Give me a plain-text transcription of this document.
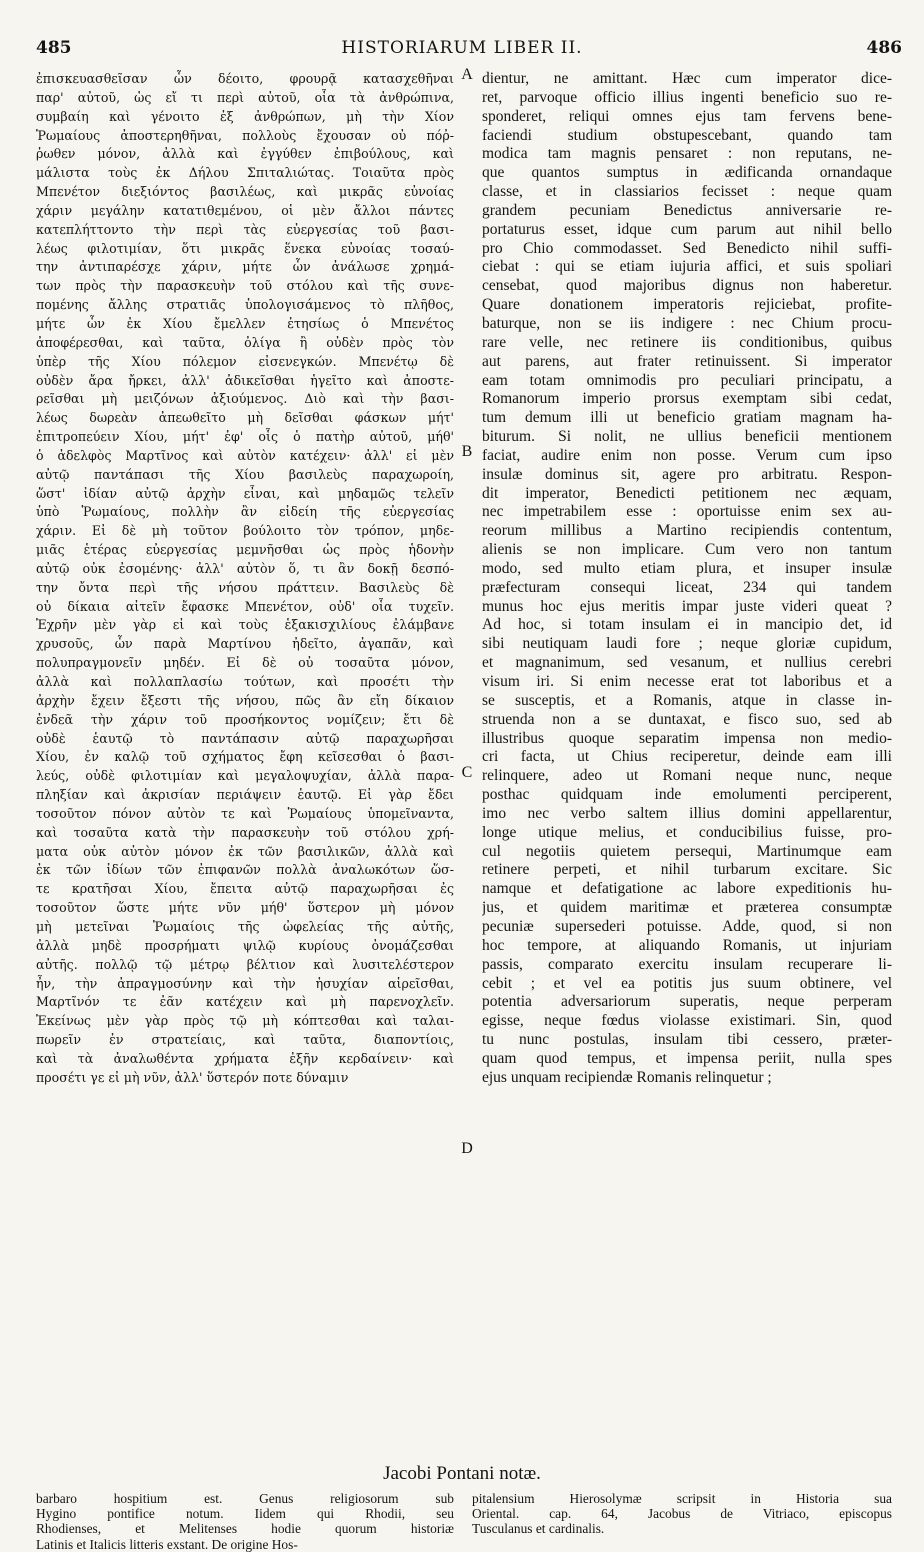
485	HISTORIARUM LIBER II.	486

ἐπισκευασθεῖσαν ὧν δέοιτο, φρουρᾷ κατασχεθῆναι

παρ' αὐτοῦ, ὡς εἴ τι περὶ αὐτοῦ, οἷα τὰ ἀνθρώπινα,

συμβαίη καὶ γένοιτο ἐξ ἀνθρώπων, μὴ τὴν Χίον

Ῥωμαίους ἀποστερηθῆναι, πολλοὺς ἔχουσαν οὐ πόῤ-

ῥωθεν μόνον, ἀλλὰ καὶ ἐγγύθεν ἐπιβούλους, καὶ

μάλιστα τοὺς ἐκ Δήλου Σπιταλιώτας. Τοιαῦτα πρὸς

Μπενέτον διεξιόντος βασιλέως, καὶ μικρᾶς εὐνοίας

χάριν μεγάλην κατατιθεμένου, οἱ μὲν ἄλλοι πάντες

κατεπλήττοντο τὴν περὶ τὰς εὐεργεσίας τοῦ βασι-

λέως φιλοτιμίαν, ὅτι μικρᾶς ἕνεκα εὐνοίας τοσαύ-

την ἀντιπαρέσχε χάριν, μήτε ὧν ἀνάλωσε χρημά-

των πρὸς τὴν παρασκευὴν τοῦ στόλου καὶ τῆς συνε-

πομένης ἄλλης στρατιᾶς ὑπολογισάμενος τὸ πλῆθος,

μήτε ὧν ἐκ Χίου ἔμελλεν ἐτησίως ὁ Μπενέτος

ἀποφέρεσθαι, καὶ ταῦτα, ὀλίγα ἢ οὐδὲν πρὸς τὸν

ὑπὲρ τῆς Χίου πόλεμον εἰσενεγκών. Μπενέτῳ δὲ

οὐδὲν ἄρα ἤρκει, ἀλλ' ἀδικεῖσθαι ἡγεῖτο καὶ ἀποστε-

ρεῖσθαι μὴ μειζόνων ἀξιούμενος. Διὸ καὶ τὴν βασι-

λέως δωρεὰν ἀπεωθεῖτο μὴ δεῖσθαι φάσκων μήτ'

ἐπιτροπεύειν Χίου, μήτ' ἐφ' οἷς ὁ πατὴρ αὐτοῦ, μήθ'

ὁ ἀδελφὸς Μαρτῖνος καὶ αὐτὸν κατέχειν· ἀλλ' εἰ μὲν

αὐτῷ παντάπασι τῆς Χίου βασιλεὺς παραχωροίη,

ὥστ' ἰδίαν αὐτῷ ἀρχὴν εἶναι, καὶ μηδαμῶς τελεῖν

ὑπὸ Ῥωμαίους, πολλὴν ἂν εἰδείη τῆς εὐεργεσίας

χάριν. Εἰ δὲ μὴ τοῦτον βούλοιτο τὸν τρόπον, μηδε-

μιᾶς ἑτέρας εὐεργεσίας μεμνῆσθαι ὡς πρὸς ἡδονὴν

αὐτῷ οὐκ ἐσομένης· ἀλλ' αὐτὸν ὅ, τι ἂν δοκῇ δεσπό-

την ὄντα περὶ τῆς νήσου πράττειν. Βασιλεὺς δὲ

οὐ δίκαια αἰτεῖν ἔφασκε Μπενέτον, οὐδ' οἷα τυχεῖν.

Ἐχρῆν μὲν γὰρ εἰ καὶ τοὺς ἑξακισχιλίους ἐλάμβανε

χρυσοῦς, ὧν παρὰ Μαρτίνου ἠδεῖτο, ἀγαπᾶν, καὶ

πολυπραγμονεῖν μηδέν. Εἰ δὲ οὐ τοσαῦτα μόνον,

ἀλλὰ καὶ πολλαπλασίω τούτων, καὶ προσέτι τὴν

ἀρχὴν ἔχειν ἔξεστι τῆς νήσου, πῶς ἂν εἴη δίκαιον

ἐνδεᾶ τὴν χάριν τοῦ προσήκοντος νομίζειν; ἔτι δὲ

οὐδὲ ἑαυτῷ τὸ παντάπασιν αὐτῷ παραχωρῆσαι

Χίου, ἐν καλῷ τοῦ σχήματος ἔφη κεῖσεσθαι ὁ βασι-

λεύς, οὐδὲ φιλοτιμίαν καὶ μεγαλοψυχίαν, ἀλλὰ παρα-

πληξίαν καὶ ἀκρισίαν περιάψειν ἑαυτῷ. Εἰ γὰρ ἔδει

τοσοῦτον πόνον αὐτὸν τε καὶ Ῥωμαίους ὑπομεῖναντα,

καὶ τοσαῦτα κατὰ τὴν παρασκευὴν τοῦ στόλου χρή-

ματα οὐκ αὐτὸν μόνον ἐκ τῶν βασιλικῶν, ἀλλὰ καὶ

ἐκ τῶν ἰδίων τῶν ἐπιφανῶν πολλὰ ἀναλωκότων ὥσ-

τε κρατῆσαι Χίου, ἔπειτα αὐτῷ παραχωρῆσαι ἐς

τοσοῦτον ὥστε μήτε νῦν μήθ' ὕστερον μὴ μόνον

μὴ μετεῖναι Ῥωμαίοις τῆς ὠφελείας τῆς αὐτῆς,

ἀλλὰ μηδὲ προσρήματι ψιλῷ κυρίους ὀνομάζεσθαι

αὐτῆς. πολλῷ τῷ μέτρῳ βέλτιον καὶ λυσιτελέστερον

ἦν, τὴν ἀπραγμοσύνην καὶ τὴν ἡσυχίαν αἱρεῖσθαι,

Μαρτῖνόν τε ἐᾶν κατέχειν καὶ μὴ παρενοχλεῖν.

Ἐκείνως μὲν γὰρ πρὸς τῷ μὴ κόπτεσθαι καὶ ταλαι-

πωρεῖν ἐν στρατείαις, καὶ ταῦτα, διαποντίοις,

καὶ τὰ ἀναλωθέντα χρήματα ἐξῆν κερδαίνειν· καὶ

προσέτι γε εἰ μὴ νῦν, ἀλλ' ὕστερόν ποτε δύναμιν

dientur, ne amittant. Hæc cum imperator dice-

ret, parvoque officio illius ingenti beneficio suo re-

sponderet, reliqui omnes ejus tam fervens bene-

faciendi studium obstupescebant, quando tam

modica tam magnis pensaret : non reputans, ne-

que quantos sumptus in ædificanda ornandaque

classe, et in classiarios fecisset : neque quam

grandem pecuniam Benedictus anniversarie re-

portaturus esset, idque cum parum aut nihil bello

pro Chio commodasset. Sed Benedicto nihil suffi-

ciebat : qui se etiam iujuria affici, et suis spoliari

censebat, quod majoribus dignus non haberetur.

Quare donationem imperatoris rejiciebat, profite-

baturque, non se iis indigere : nec Chium procu-

rare velle, nec retinere iis conditionibus, quibus

aut parens, aut frater retinuissent. Si imperator

eam totam omnimodis pro peculiari principatu, a

Romanorum imperio prorsus exemptam sibi cedat,

tum demum illi ut beneficio gratiam magnam ha-

biturum. Si nolit, ne ullius beneficii mentionem

faciat, audire enim non posse. Verum cum ipso

insulæ dominus sit, agere pro arbitratu. Respon-

dit imperator, Benedicti petitionem nec æquam,

nec impetrabilem esse : oportuisse enim sex au-

reorum millibus a Martino recipiendis contentum,

alienis se non implicare. Cum vero non tantum

modo, sed multo etiam plura, et insuper insulæ

præfecturam consequi liceat, 234 qui tandem

munus hoc ejus meritis impar juste videri queat ?

Ad hoc, si totam insulam ei in mancipio det, id

sibi neutiquam laudi fore ; neque gloriæ cupidum,

et magnanimum, sed vesanum, et nullius cerebri

visum iri. Si enim necesse erat tot laboribus et a

se susceptis, et a Romanis, atque in classe in-

struenda non a se duntaxat, e fisco suo, sed ab

illustribus quoque separatim impensa non medio-

cri facta, ut Chius reciperetur, deinde eam illi

relinquere, adeo ut Romani neque nunc, neque

posthac quidquam inde emolumenti perciperent,

imo nec verbo saltem illius domini appellarentur,

longe utique melius, et conducibilius fuisse, pro-

cul negotiis quietem persequi, Martinumque eam

retinere perpeti, et nihil turbarum excitare. Sic

namque et defatigatione ac labore expeditionis hu-

jus, et quidem maritimæ et præterea consumptæ

pecuniæ supersederi potuisse. Adde, quod, si non

hoc tempore, at aliquando Romanis, ut injuriam

passis, comparato exercitu insulam recuperare li-

cebit ; et vel ea potitis jus suum obtinere, vel

potentia adversariorum superatis, neque perperam

egisse, neque fœdus violasse existimari. Sin, quod

tu nunc postulas, insulam tibi cessero, præter-

quam quod tempus, et impensa periit, nulla spes

ejus unquam recipiendæ Romanis relinquetur ;

A
B
C
D
Jacobi Pontani notæ.

barbaro hospitium est. Genus religiosorum sub

Hygino pontifice notum. Iidem qui Rhodii, seu

Rhodienses, et Melitenses hodie quorum historiæ

Latinis et Italicis litteris exstant. De origine Hos-

pitalensium Hierosolymæ scripsit in Historia sua

Oriental. cap. 64, Jacobus de Vitriaco, episcopus

Tusculanus et cardinalis.
